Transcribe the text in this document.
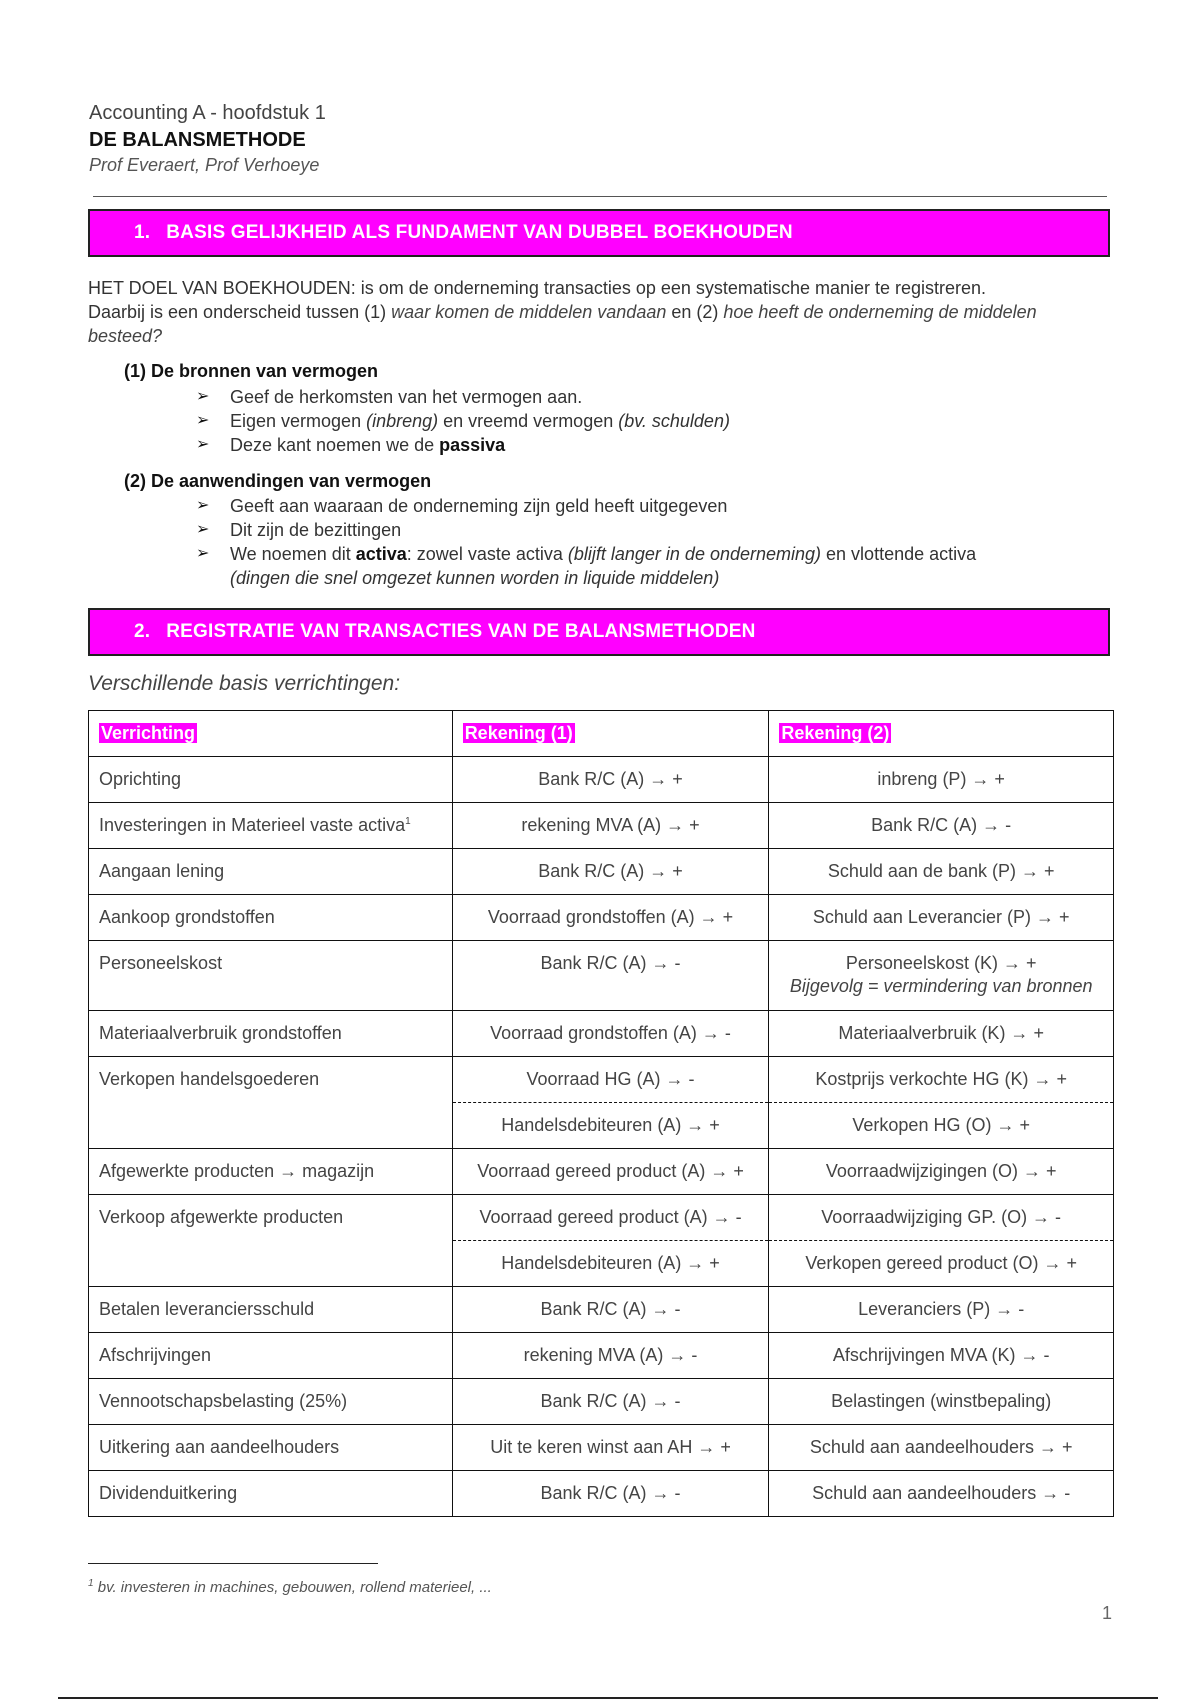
Accounting A - hoofdstuk 1
DE BALANSMETHODE
Prof Everaert, Prof Verhoeye
1. BASIS GELIJKHEID ALS FUNDAMENT VAN DUBBEL BOEKHOUDEN
HET DOEL VAN BOEKHOUDEN: is om de onderneming transacties op een systematische manier te registreren.
Daarbij is een onderscheid tussen (1) waar komen de middelen vandaan en (2) hoe heeft de onderneming de middelen
besteed?
(1) De bronnen van vermogen
➢	Geef de herkomsten van het vermogen aan.
➢	Eigen vermogen (inbreng) en vreemd vermogen (bv. schulden)
➢	Deze kant noemen we de passiva
(2) De aanwendingen van vermogen
➢	Geeft aan waaraan de onderneming zijn geld heeft uitgegeven
➢	Dit zijn de bezittingen
➢	We noemen dit activa: zowel vaste activa (blijft langer in de onderneming) en vlottende activa
(dingen die snel omgezet kunnen worden in liquide middelen)
2. REGISTRATIE VAN TRANSACTIES VAN DE BALANSMETHODEN
Verschillende basis verrichtingen:
Verrichting	Rekening (1)	Rekening (2)
Oprichting	Bank R/C (A) → +	inbreng (P) → +
Investeringen in Materieel vaste activa$^1$	rekening MVA (A) → +	Bank R/C (A) → -
Aangaan lening	Bank R/C (A) → +	Schuld aan de bank (P) → +
Aankoop grondstoffen	Voorraad grondstoffen (A) → +	Schuld aan Leverancier (P) → +
Personeelskost	Bank R/C (A) → -	Personeelskost (K) → +
Bijgevolg = vermindering van bronnen

Materiaalverbruik grondstoffen	Voorraad grondstoffen (A) → -	Materiaalverbruik (K) → +
Verkopen handelsgoederen	Voorraad HG (A) → -	Kostprijs verkochte HG (K) → +
	Handelsdebiteuren (A) → +	Verkopen HG (O) → +
Afgewerkte producten → magazijn	Voorraad gereed product (A) → +	Voorraadwijzigingen (O) → +
Verkoop afgewerkte producten	Voorraad gereed product (A) → -	Voorraadwijziging GP. (O) → -
	Handelsdebiteuren (A) → +	Verkopen gereed product (O) → +
Betalen leveranciersschuld	Bank R/C (A) → -	Leveranciers (P) → -
Afschrijvingen	rekening MVA (A) → -	Afschrijvingen MVA (K) → -
Vennootschapsbelasting (25%)	Bank R/C (A) → -	Belastingen (winstbepaling)
Uitkering aan aandeelhouders	Uit te keren winst aan AH → +	Schuld aan aandeelhouders → +
Dividenduitkering	Bank R/C (A) → -	Schuld aan aandeelhouders → -
$^1$ bv. investeren in machines, gebouwen, rollend materieel, ...
1
